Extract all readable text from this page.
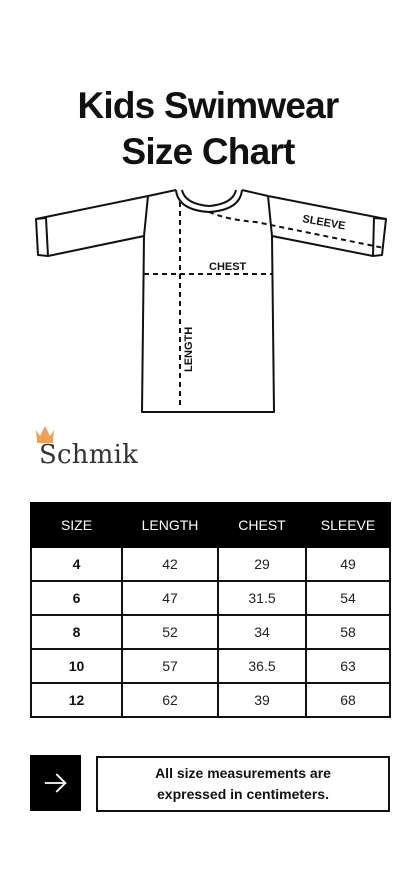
Kids Swimwear
Size Chart
SLEEVE
CHEST
LENGTH
Schmik
SIZE	LENGTH	CHEST	SLEEVE
4	42	29	49
6	47	31.5	54
8	52	34	58
10	57	36.5	63
12	62	39	68
All size measurements are
expressed in centimeters.
